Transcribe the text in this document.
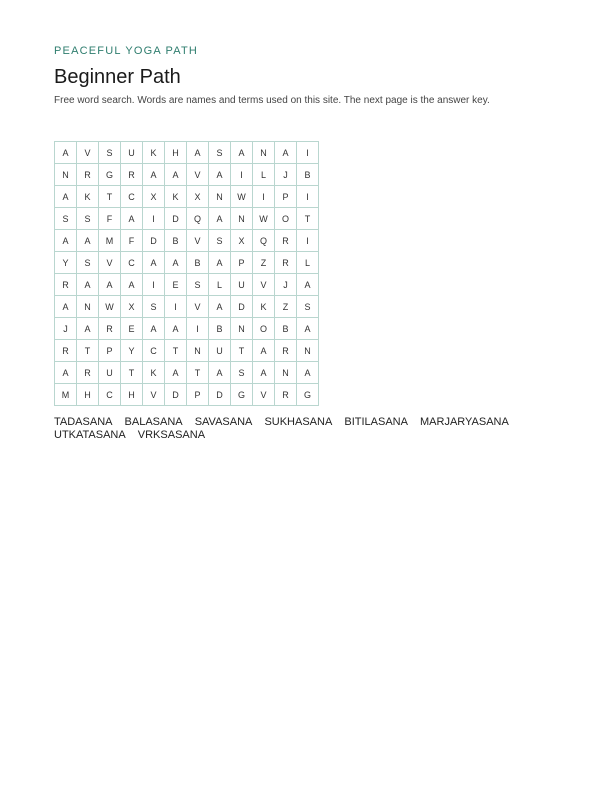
PEACEFUL YOGA PATH
Beginner Path

Free word search. Words are names and terms used on this site. The next page is the answer key.

A	V	S	U	K	H	A	S	A	N	A	I
N	R	G	R	A	A	V	A	I	L	J	B
A	K	T	C	X	K	X	N	W	I	P	I
S	S	F	A	I	D	Q	A	N	W	O	T
A	A	M	F	D	B	V	S	X	Q	R	I
Y	S	V	C	A	A	B	A	P	Z	R	L
R	A	A	A	I	E	S	L	U	V	J	A
A	N	W	X	S	I	V	A	D	K	Z	S
J	A	R	E	A	A	I	B	N	O	B	A
R	T	P	Y	C	T	N	U	T	A	R	N
A	R	U	T	K	A	T	A	S	A	N	A
M	H	C	H	V	D	P	D	G	V	R	G
TADASANA BALASANA SAVASANA SUKHASANA BITILASANA MARJARYASANA UTKATASANA VRKSASANA
